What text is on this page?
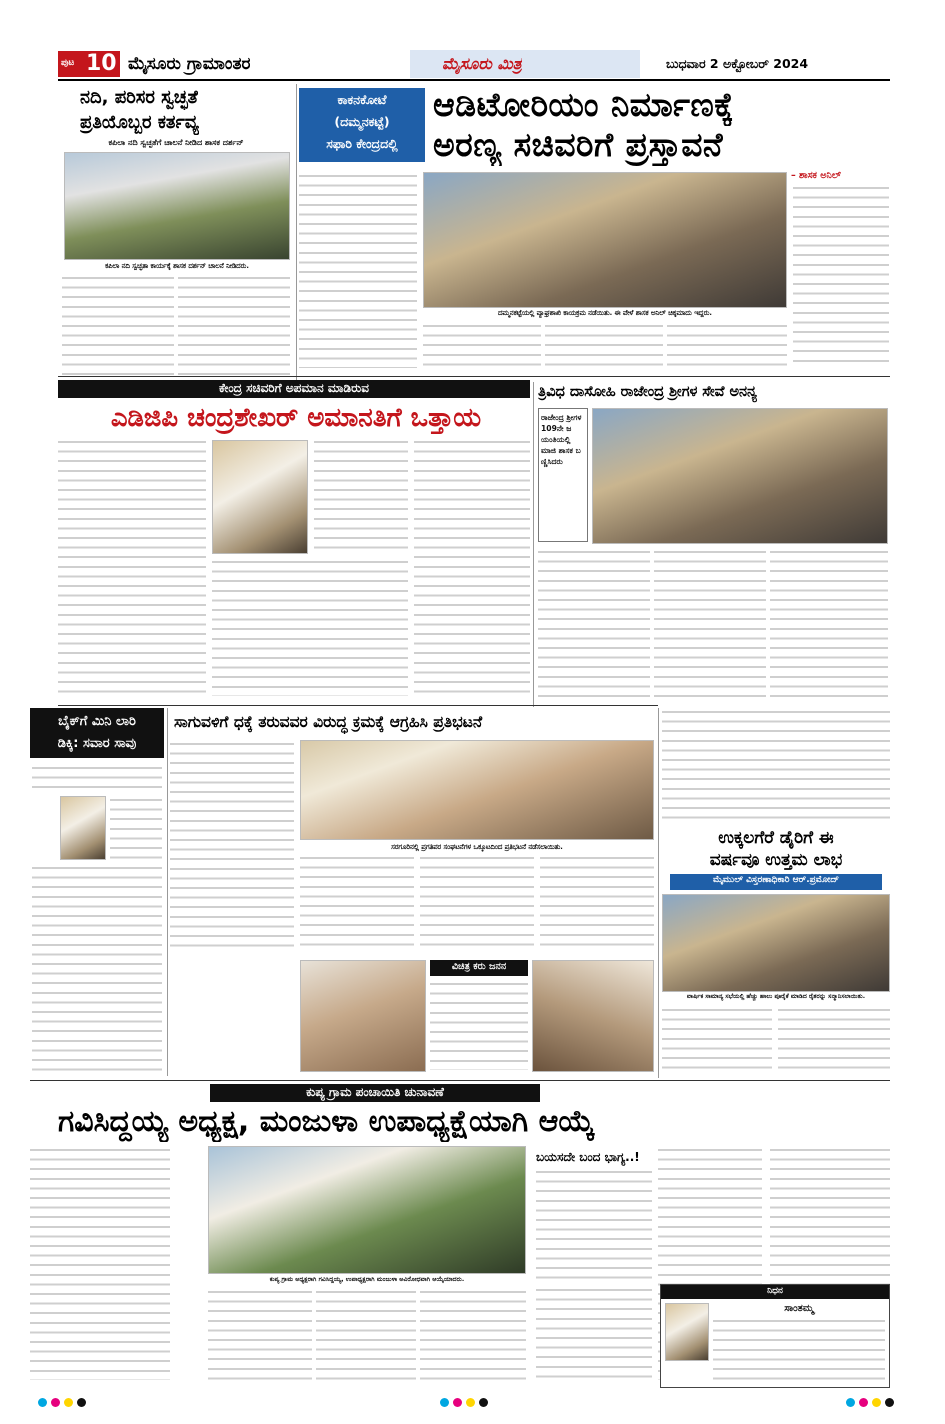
ಪುಟ 10 ಮೈಸೂರು ಗ್ರಾಮಾಂತರ	ಮೈಸೂರು ಮಿತ್ರ	ಬುಧವಾರ 2 ಅಕ್ಟೋಬರ್ 2024
ನದಿ, ಪರಿಸರ ಸ್ವಚ್ಛತೆ
ಪ್ರತಿಯೊಬ್ಬರ ಕರ್ತವ್ಯ
ಕಪಿಲಾ ನದಿ ಸ್ವಚ್ಛತೆಗೆ ಚಾಲನೆ ನೀಡಿದ ಶಾಸಕ ದರ್ಶನ್
ಕಪಿಲಾ ನದಿ ಸ್ವಚ್ಛತಾ ಕಾರ್ಯಕ್ಕೆ ಶಾಸಕ ದರ್ಶನ್ ಚಾಲನೆ ನೀಡಿದರು.
ಕಾಕನಕೋಟೆ
(ದಮ್ಮನಕಟ್ಟೆ)
ಸಫಾರಿ ಕೇಂದ್ರದಲ್ಲಿ
ಆಡಿಟೋರಿಯಂ ನಿರ್ಮಾಣಕ್ಕೆ
ಅರಣ್ಯ ಸಚಿವರಿಗೆ ಪ್ರಸ್ತಾವನೆ
– ಶಾಸಕ ಅನಿಲ್
ದಮ್ಮನಕಟ್ಟೆಯಲ್ಲಿ ವ್ಯಾಘ್ರಶಾಖಿ ಕಾಯಕ್ರಮ ನಡೆಯಿತು. ಈ ವೇಳೆ ಶಾಸಕ ಅನಿಲ್ ಚಿಕ್ಕಮಾದು ಇದ್ದರು.
ಕೇಂದ್ರ ಸಚಿವರಿಗೆ ಅಪಮಾನ ಮಾಡಿರುವ
ಎಡಿಜಿಪಿ ಚಂದ್ರಶೇಖರ್ ಅಮಾನತಿಗೆ ಒತ್ತಾಯ
ತ್ರಿವಿಧ ದಾಸೋಹಿ ರಾಜೇಂದ್ರ ಶ್ರೀಗಳ ಸೇವೆ ಅನನ್ಯ
ರಾಜೇಂದ್ರ ಶ್ರೀಗಳ 109ನೇ ಜಯಂತಿಯಲ್ಲಿ ಮಾಜಿ ಶಾಸಕ ಬಣ್ಣಿಸಿದರು
ಬೈಕ್‌ಗೆ ಮಿನಿ ಲಾರಿ
ಡಿಕ್ಕಿ: ಸವಾರ ಸಾವು
ಸಾಗುವಳಿಗೆ ಧಕ್ಕೆ ತರುವವರ ವಿರುದ್ಧ ಕ್ರಮಕ್ಕೆ ಆಗ್ರಹಿಸಿ ಪ್ರತಿಭಟನೆ
ಸರಗೂರಿನಲ್ಲಿ ಪ್ರಗತಿಪರ ಸಂಘಟನೆಗಳ ಒಕ್ಕೂಟದಿಂದ ಪ್ರತಿಭಟನೆ ನಡೆಸಲಾಯಿತು.
ವಿಚಿತ್ರ ಕರು ಜನನ
ಉಕ್ಕಲಗೆರೆ ಡೈರಿಗೆ ಈ
ವರ್ಷವೂ ಉತ್ತಮ ಲಾಭ
ಮೈಮುಲ್ ವಿಸ್ತರಣಾಧಿಕಾರಿ ಆರ್.ಪ್ರಮೋದ್
ವಾರ್ಷಿಕ ಸಾಮಾನ್ಯ ಸಭೆಯಲ್ಲಿ ಹೆಚ್ಚು ಹಾಲು ಪೂರೈಕೆ ಮಾಡಿದ ರೈತರನ್ನು ಸನ್ಮಾನಿಸಲಾಯಿತು.
ಕುಪ್ಯ ಗ್ರಾಮ ಪಂಚಾಯಿತಿ ಚುನಾವಣೆ
ಗವಿಸಿದ್ದಯ್ಯ ಅಧ್ಯಕ್ಷ, ಮಂಜುಳಾ ಉಪಾಧ್ಯಕ್ಷೆಯಾಗಿ ಆಯ್ಕೆ
ಕುಪ್ಯ ಗ್ರಾಮ ಅಧ್ಯಕ್ಷರಾಗಿ ಗವಿಸಿದ್ದಯ್ಯ, ಉಪಾಧ್ಯಕ್ಷರಾಗಿ ಮಂಜುಳಾ ಅವಿರೋಧವಾಗಿ ಆಯ್ಕೆಯಾದರು.
ಬಯಸದೇ ಬಂದ ಭಾಗ್ಯ..!
ನಿಧನ
ಸಾಂತಮ್ಮ
